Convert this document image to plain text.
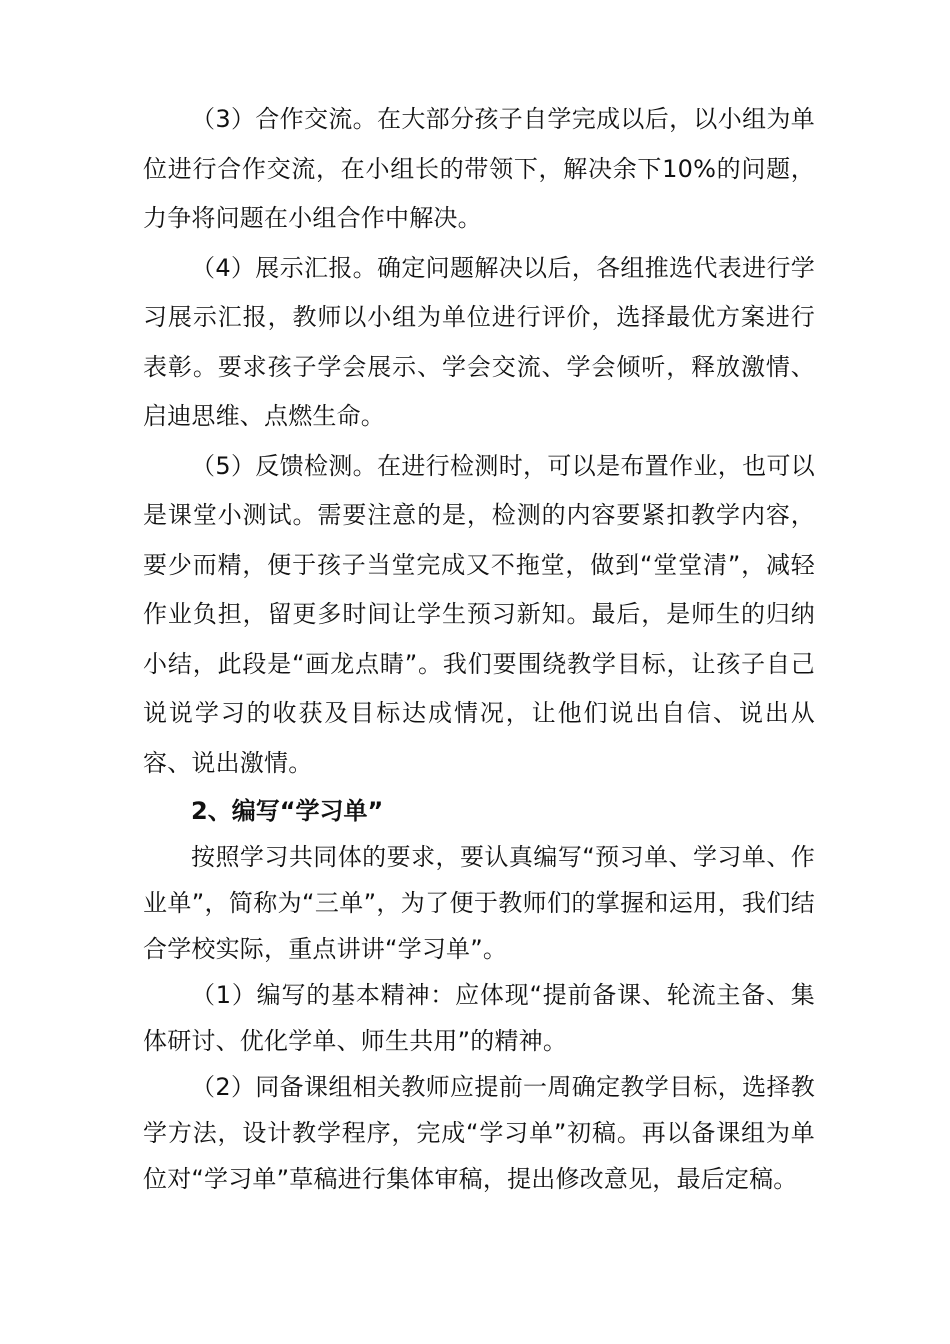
（3）合作交流。在大部分孩子自学完成以后，以小组为单位进行合作交流，在小组长的带领下，解决余下10%的问题，力争将问题在小组合作中解决。

（4）展示汇报。确定问题解决以后，各组推选代表进行学习展示汇报，教师以小组为单位进行评价，选择最优方案进行表彰。要求孩子学会展示、学会交流、学会倾听，释放激情、启迪思维、点燃生命。

（5）反馈检测。在进行检测时，可以是布置作业，也可以是课堂小测试。需要注意的是，检测的内容要紧扣教学内容，要少而精，便于孩子当堂完成又不拖堂，做到“堂堂清”，减轻作业负担，留更多时间让学生预习新知。最后，是师生的归纳小结，此段是“画龙点睛”。我们要围绕教学目标，让孩子自己说说学习的收获及目标达成情况，让他们说出自信、说出从容、说出激情。

2、编写“学习单”

按照学习共同体的要求，要认真编写“预习单、学习单、作业单”，简称为“三单”，为了便于教师们的掌握和运用，我们结合学校实际，重点讲讲“学习单”。

（1）编写的基本精神：应体现“提前备课、轮流主备、集体研讨、优化学单、师生共用”的精神。

（2）同备课组相关教师应提前一周确定教学目标，选择教学方法，设计教学程序，完成“学习单”初稿。再以备课组为单位对“学习单”草稿进行集体审稿，提出修改意见，最后定稿。
